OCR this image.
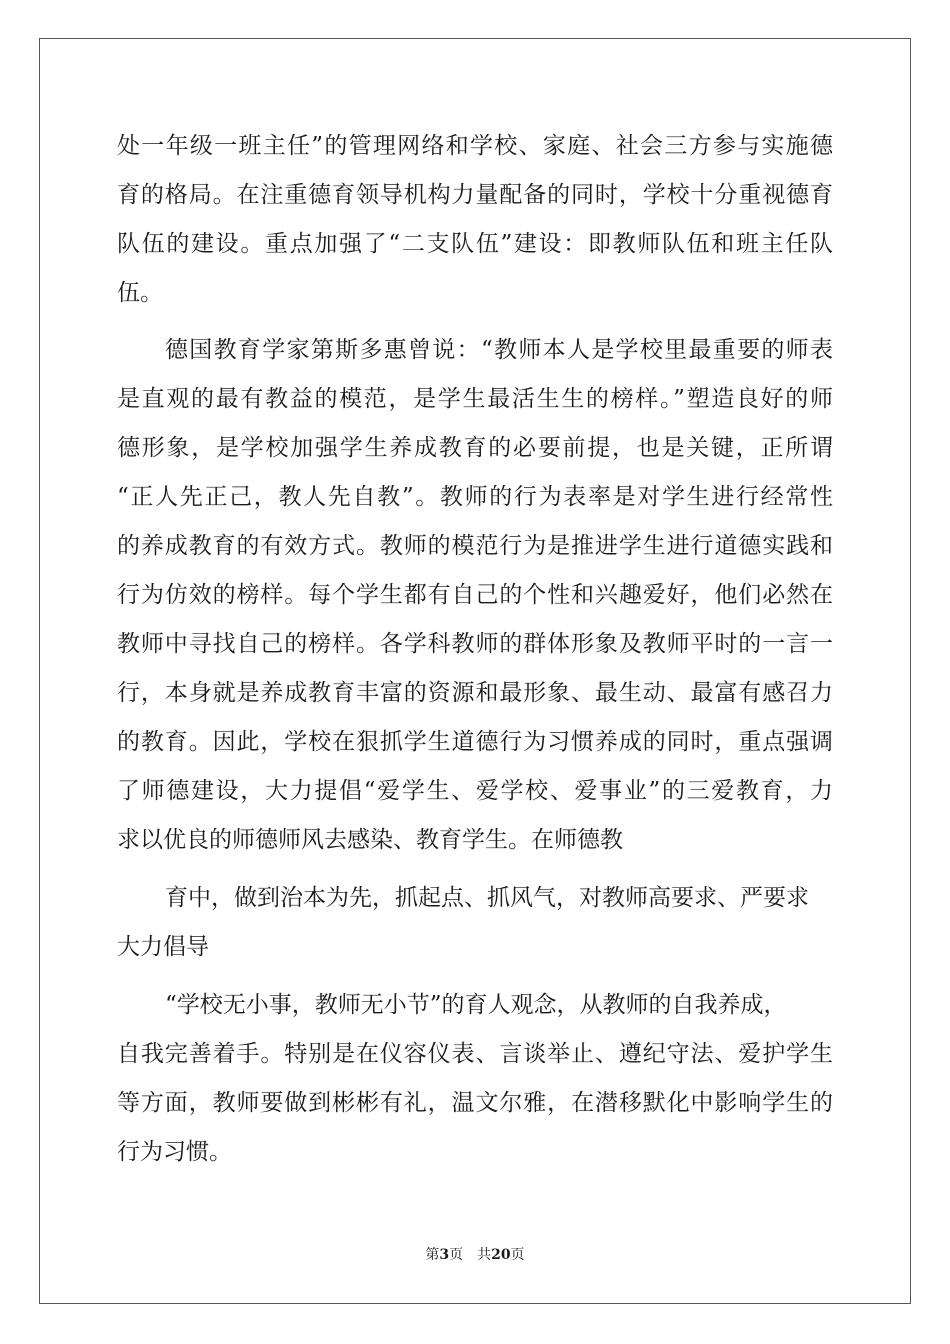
处一年级一班主任”的管理网络和学校、家庭、社会三方参与实施德
育的格局。在注重德育领导机构力量配备的同时，学校十分重视德育
队伍的建设。重点加强了“二支队伍”建设：即教师队伍和班主任队
伍。
德国教育学家第斯多惠曾说：“教师本人是学校里最重要的师表
是直观的最有教益的模范，是学生最活生生的榜样。”塑造良好的师
德形象，是学校加强学生养成教育的必要前提，也是关键，正所谓
“正人先正己，教人先自教”。教师的行为表率是对学生进行经常性
的养成教育的有效方式。教师的模范行为是推进学生进行道德实践和
行为仿效的榜样。每个学生都有自己的个性和兴趣爱好，他们必然在
教师中寻找自己的榜样。各学科教师的群体形象及教师平时的一言一
行，本身就是养成教育丰富的资源和最形象、最生动、最富有感召力
的教育。因此，学校在狠抓学生道德行为习惯养成的同时，重点强调
了师德建设，大力提倡“爱学生、爱学校、爱事业”的三爱教育，力
求以优良的师德师风去感染、教育学生。在师德教
育中，做到治本为先，抓起点、抓风气，对教师高要求、严要求
大力倡导
“学校无小事，教师无小节”的育人观念，从教师的自我养成，
自我完善着手。特别是在仪容仪表、言谈举止、遵纪守法、爱护学生
等方面，教师要做到彬彬有礼，温文尔雅，在潜移默化中影响学生的
行为习惯。
第3页 共20页
